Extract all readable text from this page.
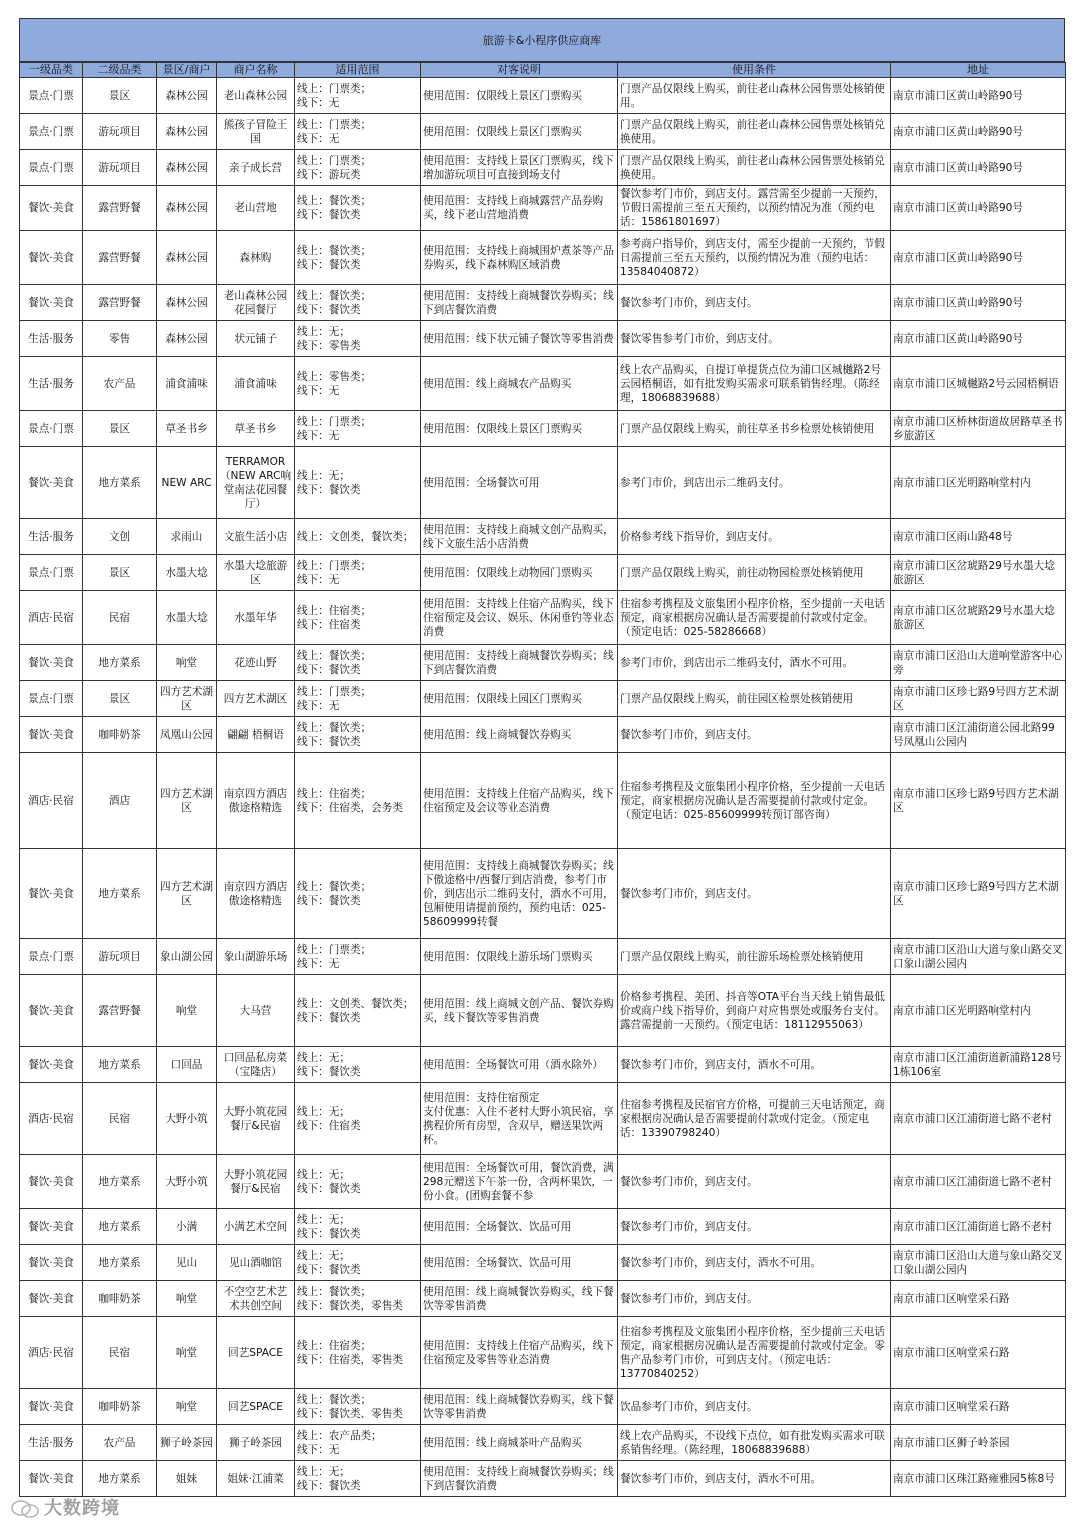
旅游卡&小程序供应商库
一级品类	二级品类	景区/商户	商户名称	适用范围	对客说明	使用条件	地址
景点·门票	景区	森林公园	老山森林公园	线上：门票类；
线下：无	使用范围：仅限线上景区门票购买	门票产品仅限线上购买，前往老山森林公园售票处核销使用。	南京市浦口区黄山岭路90号
景点·门票	游玩项目	森林公园	熊孩子冒险王国	线上：门票类；
线下：无	使用范围：仅限线上景区门票购买	门票产品仅限线上购买，前往老山森林公园售票处核销兑换使用。	南京市浦口区黄山岭路90号
景点·门票	游玩项目	森林公园	亲子成长营	线上：门票类；
线下：游玩类	使用范围：支持线上景区门票购买，线下增加游玩项目可直接到场支付	门票产品仅限线上购买，前往老山森林公园售票处核销兑换使用。	南京市浦口区黄山岭路90号
餐饮·美食	露营野餐	森林公园	老山营地	线上：餐饮类；
线下：餐饮类	使用范围：支持线上商城露营产品券购买，线下老山营地消费	餐饮参考门市价，到店支付。露营需至少提前一天预约，节假日需提前三至五天预约，以预约情况为准（预约电话：15861801697）	南京市浦口区黄山岭路90号
餐饮·美食	露营野餐	森林公园	森林购	线上：餐饮类；
线下：餐饮类	使用范围：支持线上商城围炉煮茶等产品券购买，线下森林购区域消费	参考商户指导价，到店支付，需至少提前一天预约，节假日需提前三至五天预约，以预约情况为准（预约电话：13584040872）	南京市浦口区黄山岭路90号
餐饮·美食	露营野餐	森林公园	老山森林公园花园餐厅	线上：餐饮类；
线下：餐饮类	使用范围：支持线上商城餐饮券购买；线下到店餐饮消费	餐饮参考门市价，到店支付。	南京市浦口区黄山岭路90号
生活·服务	零售	森林公园	状元铺子	线上：无；
线下：零售类	使用范围：线下状元铺子餐饮等零售消费	餐饮零售参考门市价，到店支付。	南京市浦口区黄山岭路90号
生活·服务	农产品	浦食浦味	浦食浦味	线上：零售类；
线下：无	使用范围：线上商城农产品购买	线上农产品购买，自提订单提货点位为浦口区城樾路2号云园梧桐语，如有批发购买需求可联系销售经理。（陈经理，18068839688）	南京市浦口区城樾路2号云园梧桐语
景点·门票	景区	草圣书乡	草圣书乡	线上：门票类；
线下：无	使用范围：仅限线上景区门票购买	门票产品仅限线上购买，前往草圣书乡检票处核销使用	南京市浦口区桥林街道故居路草圣书乡旅游区
餐饮·美食	地方菜系	NEW ARC	TERRAMOR（NEW ARC响堂南法花园餐厅）	线上：无；
线下：餐饮类	使用范围：全场餐饮可用	参考门市价，到店出示二维码支付。	南京市浦口区光明路响堂村内
生活·服务	文创	求雨山	文旅生活小店	线上：文创类，餐饮类；	使用范围：支持线上商城文创产品购买，线下文旅生活小店消费	价格参考线下指导价，到店支付。	南京市浦口区雨山路48号
景点·门票	景区	水墨大埝	水墨大埝旅游区	线上：门票类；
线下：无	使用范围：仅限线上动物园门票购买	门票产品仅限线上购买，前往动物园检票处核销使用	南京市浦口区岔琥路29号水墨大埝旅游区
酒店·民宿	民宿	水墨大埝	水墨年华	线上：住宿类；
线下：住宿类	使用范围：支持线上住宿产品购买，线下住宿预定及会议、娱乐、休闲垂钓等业态消费	住宿参考携程及文旅集团小程序价格，至少提前一天电话预定，商家根据房况确认是否需要提前付款或付定金。（预定电话：025-58286668）	南京市浦口区岔琥路29号水墨大埝旅游区
餐饮·美食	地方菜系	响堂	花迹山野	线上：餐饮类；
线下：餐饮类	使用范围：支持线上商城餐饮券购买；线下到店餐饮消费	参考门市价，到店出示二维码支付，酒水不可用。	南京市浦口区沿山大道响堂游客中心旁
景点·门票	景区	四方艺术湖区	四方艺术湖区	线上：门票类；
线下：无	使用范围：仅限线上园区门票购买	门票产品仅限线上购买，前往园区检票处核销使用	南京市浦口区珍七路9号四方艺术湖区
餐饮·美食	咖啡奶茶	凤凰山公园	翩翩 梧桐语	线上：餐饮类；
线下：餐饮类	使用范围：线上商城餐饮券购买	餐饮参考门市价，到店支付。	南京市浦口区江浦街道公园北路99号凤凰山公园内
酒店·民宿	酒店	四方艺术湖区	南京四方酒店傲途格精选	线上：住宿类；
线下：住宿类，会务类	使用范围：支持线上住宿产品购买，线下住宿预定及会议等业态消费	住宿参考携程及文旅集团小程序价格，至少提前一天电话预定，商家根据房况确认是否需要提前付款或付定金。（预定电话：025-85609999转预订部咨询）	南京市浦口区珍七路9号四方艺术湖区
餐饮·美食	地方菜系	四方艺术湖区	南京四方酒店傲途格精选	线上：餐饮类；
线下：餐饮类	使用范围：支持线上商城餐饮券购买；线下傲途格中/西餐厅到店消费，参考门市价，到店出示二维码支付，酒水不可用，包厢使用请提前预约，预约电话：025-58609999转餐	餐饮参考门市价，到店支付。	南京市浦口区珍七路9号四方艺术湖区
景点·门票	游玩项目	象山湖公园	象山湖游乐场	线上：门票类；
线下：无	使用范围：仅限线上游乐场门票购买	门票产品仅限线上购买，前往游乐场检票处核销使用	南京市浦口区沿山大道与象山路交叉口象山湖公园内
餐饮·美食	露营野餐	响堂	大马营	线上：文创类、餐饮类；
线下：餐饮类	使用范围：线上商城文创产品、餐饮券购买，线下餐饮等零售消费	价格参考携程、美团、抖音等OTA平台当天线上销售最低价或商户线下指导价，到商户对应售票处或服务台支付。露营需提前一天预约。（预定电话：18112955063）	南京市浦口区光明路响堂村内
餐饮·美食	地方菜系	口回品	口回品私房菜（宝隆店）	线上：无；
线下：餐饮类	使用范围：全场餐饮可用（酒水除外）	餐饮参考门市价，到店支付，酒水不可用。	南京市浦口区江浦街道新浦路128号1栋106室
酒店·民宿	民宿	大野小筑	大野小筑花园餐厅&民宿	线上：无；
线下：住宿类	使用范围：支持住宿预定
支付优惠：入住不老村大野小筑民宿，享携程价所有房型，含双早，赠送果饮两杯。	住宿参考携程及民宿官方价格，可提前三天电话预定，商家根据房况确认是否需要提前付款或付定金。（预定电话：13390798240）	南京市浦口区江浦街道七路不老村
餐饮·美食	地方菜系	大野小筑	大野小筑花园餐厅&民宿	线上：无；
线下：餐饮类	使用范围：全场餐饮可用，餐饮消费，满298元赠送下午茶一份，含两杯果饮，一份小食。(团购套餐不参	餐饮参考门市价，到店支付。	南京市浦口区江浦街道七路不老村
餐饮·美食	地方菜系	小满	小满艺术空间	线上：无；
线下：餐饮类	使用范围：全场餐饮、饮品可用	餐饮参考门市价，到店支付。	南京市浦口区江浦街道七路不老村
餐饮·美食	地方菜系	见山	见山酒咖馆	线上：无；
线下：餐饮类	使用范围：全场餐饮、饮品可用	餐饮参考门市价，到店支付，酒水不可用。	南京市浦口区沿山大道与象山路交叉口象山湖公园内
餐饮·美食	咖啡奶茶	响堂	不空空艺术艺术共创空间	线上：餐饮类；
线下：餐饮类，零售类	使用范围：线上商城餐饮券购买，线下餐饮等零售消费	餐饮参考门市价，到店支付。	南京市浦口区响堂采石路
酒店·民宿	民宿	响堂	回艺SPACE	线上：住宿类；
线下：住宿类，零售类	使用范围：支持线上住宿产品购买，线下住宿预定及零售等业态消费	住宿参考携程及文旅集团小程序价格，至少提前三天电话预定，商家根据房况确认是否需要提前付款或付定金。零售产品参考门市价，可到店支付。（预定电话：13770840252）	南京市浦口区响堂采石路
餐饮·美食	咖啡奶茶	响堂	回艺SPACE	线上：餐饮类；
线下：餐饮类、零售类	使用范围：线上商城餐饮券购买，线下餐饮等零售消费	饮品参考门市价，到店支付。	南京市浦口区响堂采石路
生活·服务	农产品	狮子岭茶园	狮子岭茶园	线上：农产品类；
线下：无	使用范围：线上商城茶叶产品购买	线上农产品购买，不设线下点位，如有批发购买需求可联系销售经理。（陈经理，18068839688）	南京市浦口区狮子岭茶园
餐饮·美食	地方菜系	姐妹	姐妹·江浦菜	线上：无；
线下：餐饮类	使用范围：支持线上商城餐饮券购买；线下到店餐饮消费	餐饮参考门市价，到店支付，酒水不可用。	南京市浦口区珠江路雍雅园5栋8号
大数跨境
